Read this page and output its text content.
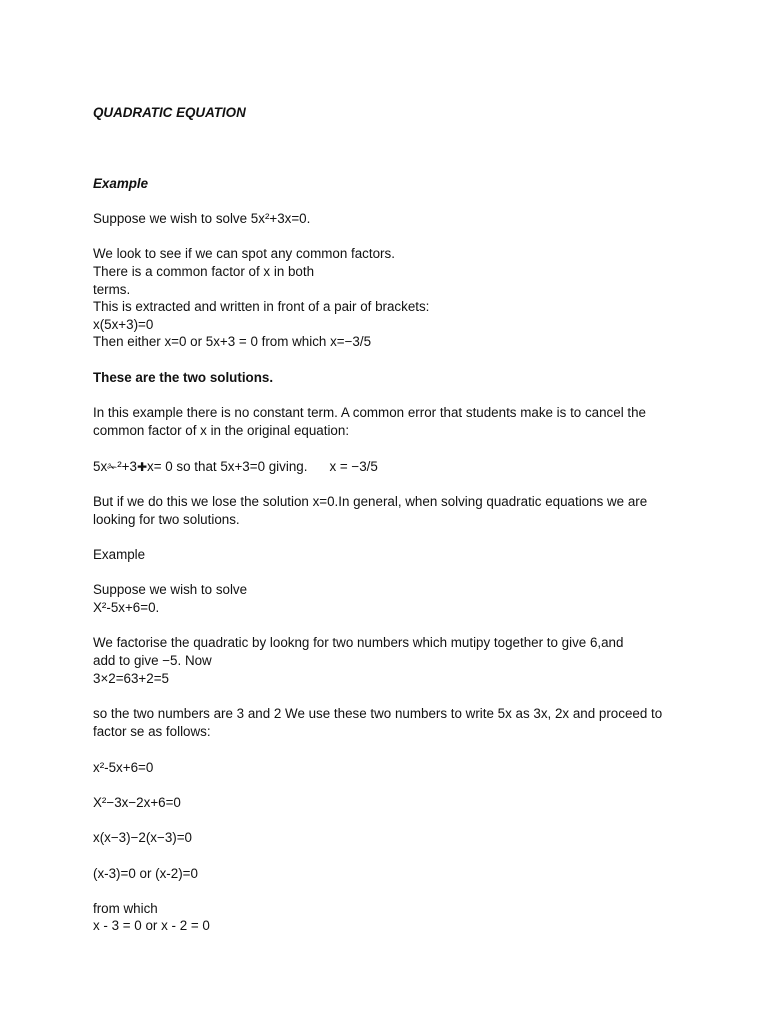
QUADRATIC EQUATION
Example
Suppose we wish to solve 5x²+3x=0.
We look to see if we can spot any common factors.
There is a common factor of x in both
terms.
This is extracted and written in front of a pair of brackets:
x(5x+3)=0
Then either x=0 or 5x+3 = 0 from which x=−3/5
These are the two solutions.
In this example there is no constant term. A common error that students make is to cancel the common factor of x in the original equation:
5x✁²+3✚x= 0 so that 5x+3=0 giving. x = −3/5
But if we do this we lose the solution x=0.In general, when solving quadratic equations we are looking for two solutions.
Example
Suppose we wish to solve
X²-5x+6=0.
We factorise the quadratic by lookng for two numbers which mutipy together to give 6,and
add to give −5. Now
3×2=63+2=5
so the two numbers are 3 and 2 We use these two numbers to write 5x as 3x, 2x and proceed to factor se as follows:
x²-5x+6=0
X²−3x−2x+6=0
x(x−3)−2(x−3)=0
(x-3)=0 or (x-2)=0
from which
x - 3 = 0 or x - 2 = 0
